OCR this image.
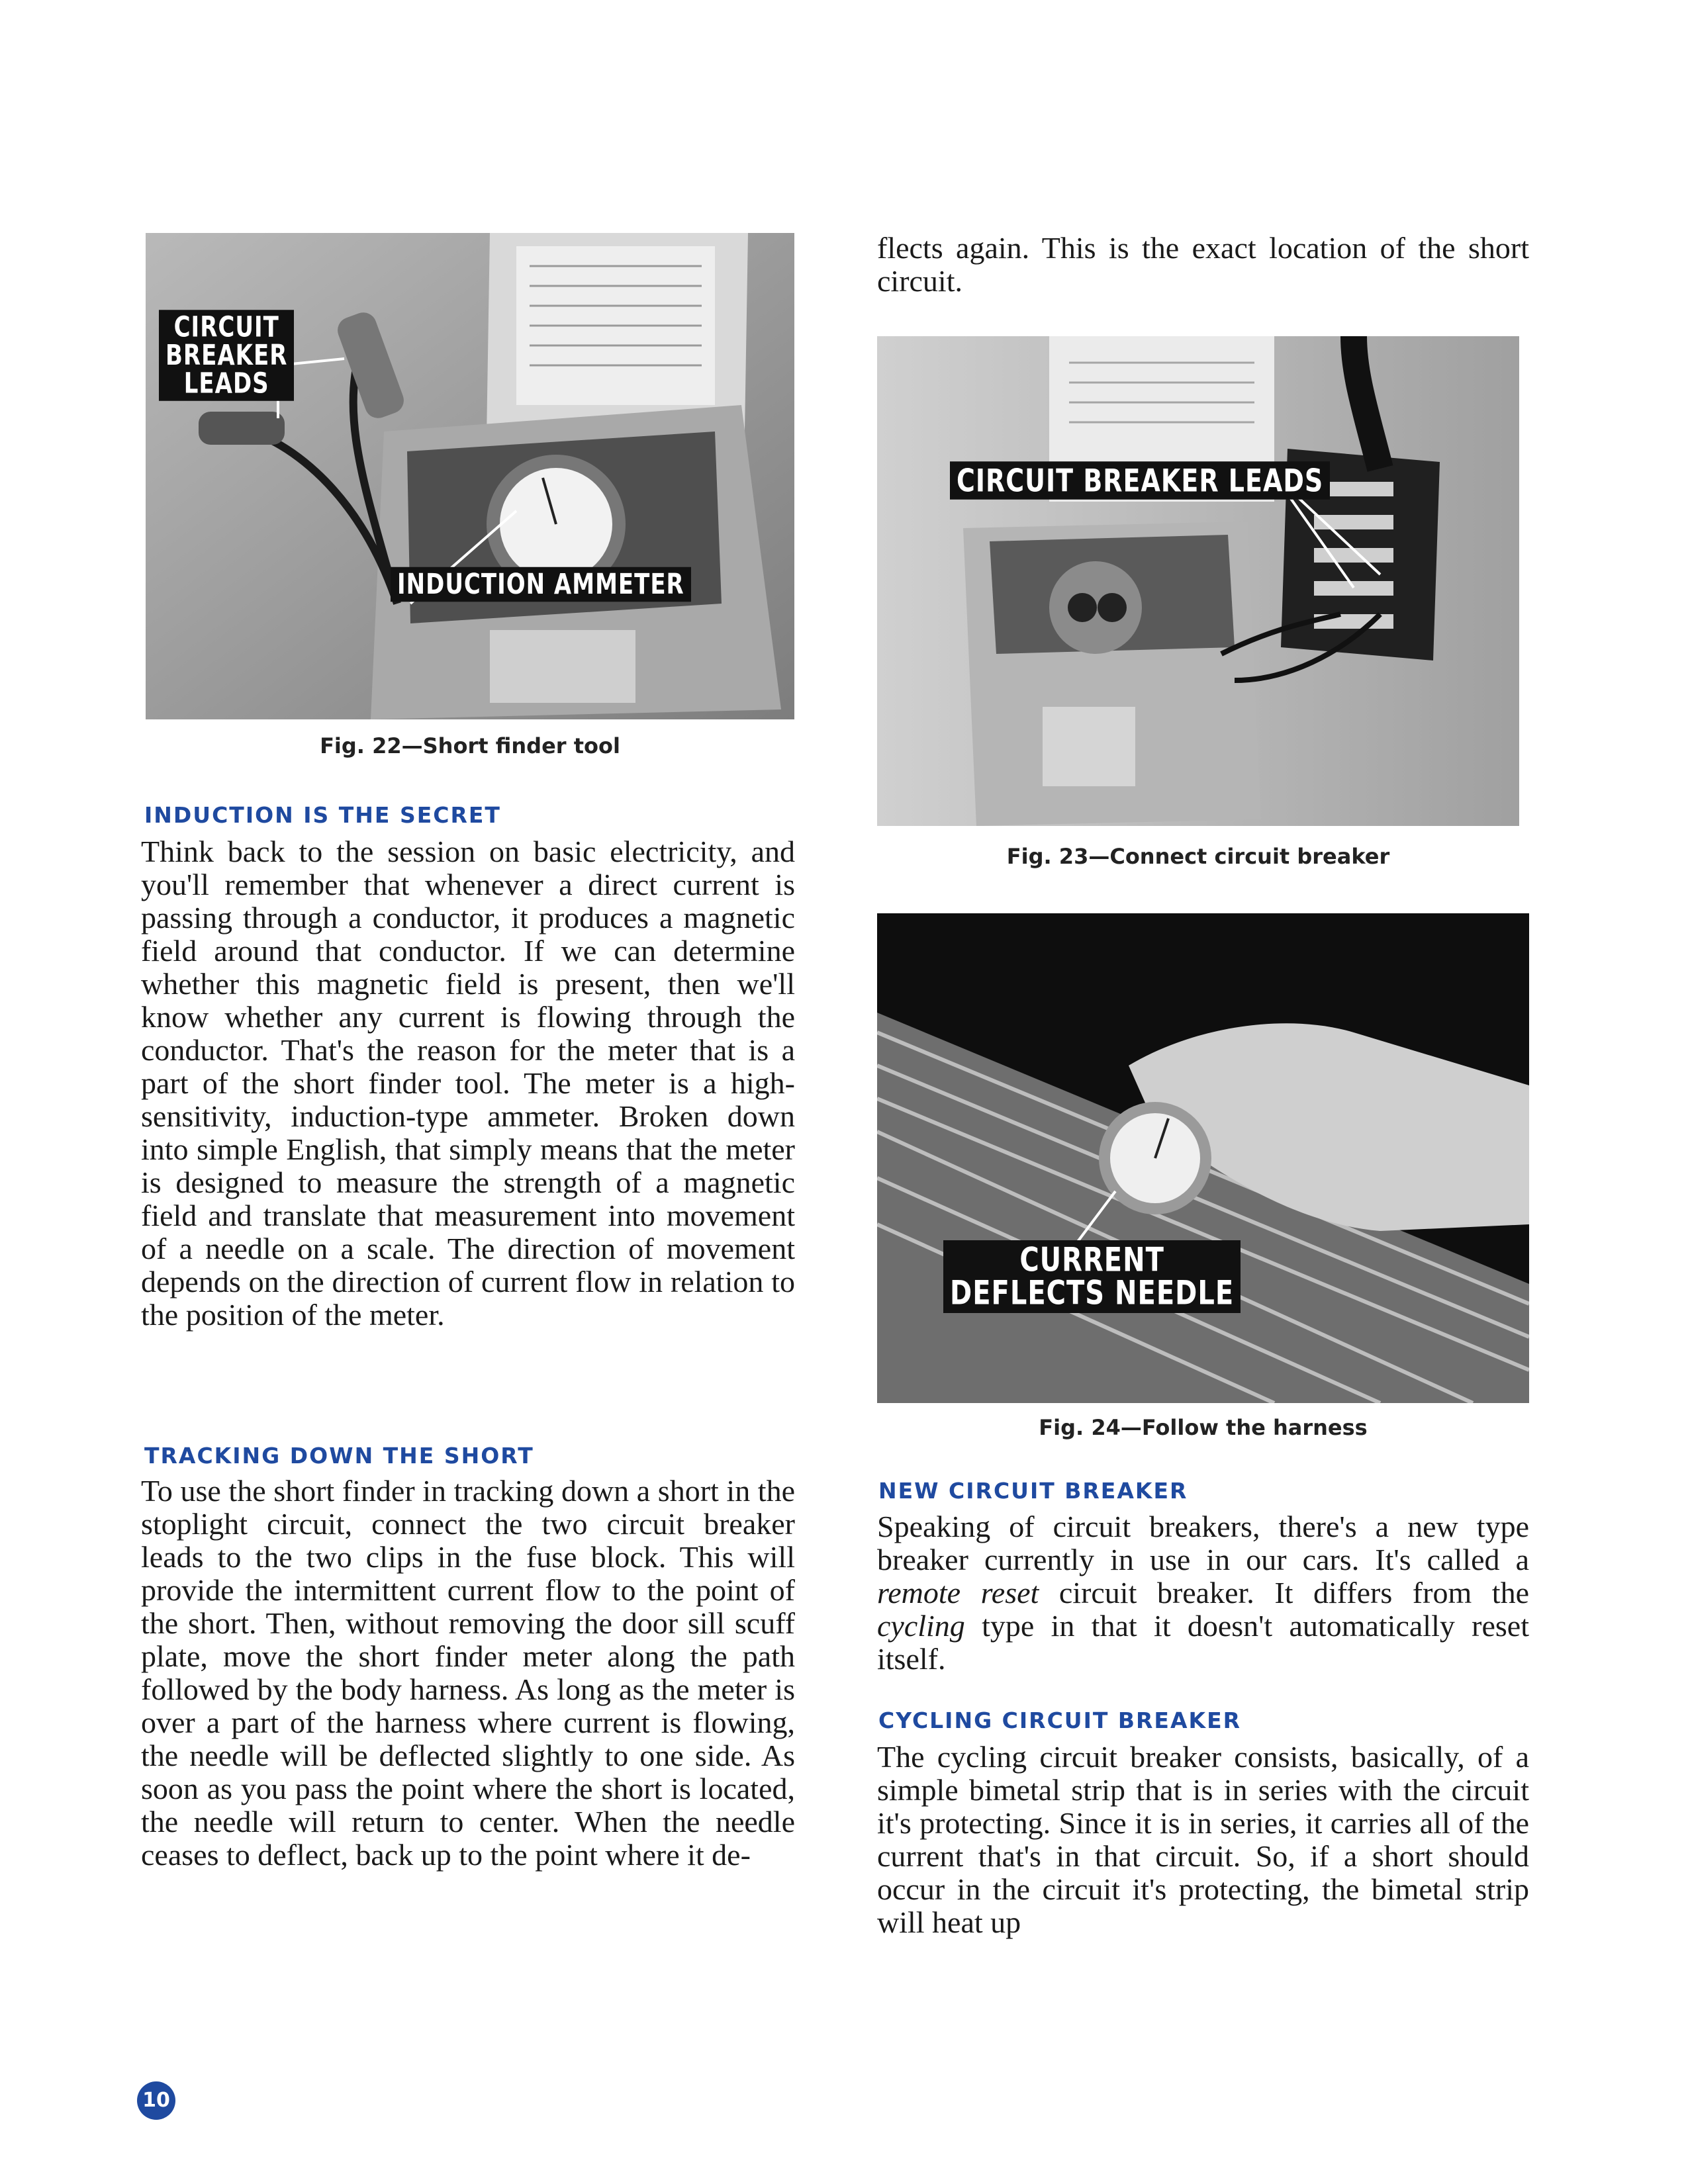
CIRCUIT
BREAKER
LEADS
INDUCTION AMMETER

Fig. 22—Short finder tool

CIRCUIT BREAKER LEADS

Fig. 23—Connect circuit breaker

CURRENT
DEFLECTS NEEDLE

Fig. 24—Follow the harness

INDUCTION IS THE SECRET

Think back to the session on basic electricity, and you'll remember that whenever a direct current is passing through a conductor, it produces a magnetic field around that conductor. If we can determine whether this magnetic field is present, then we'll know whether any current is flowing through the conductor. That's the reason for the meter that is a part of the short finder tool. The meter is a high-sensitivity, induction-type ammeter. Broken down into simple English, that simply means that the meter is designed to measure the strength of a magnetic field and translate that measurement into movement of a needle on a scale. The direction of movement depends on the direction of current flow in relation to the position of the meter.

TRACKING DOWN THE SHORT

To use the short finder in tracking down a short in the stoplight circuit, connect the two circuit breaker leads to the two clips in the fuse block. This will provide the intermittent current flow to the point of the short. Then, without removing the door sill scuff plate, move the short finder meter along the path followed by the body harness. As long as the meter is over a part of the harness where current is flowing, the needle will be deflected slightly to one side. As soon as you pass the point where the short is located, the needle will return to center. When the needle ceases to deflect, back up to the point where it de-

flects again. This is the exact location of the short circuit.

NEW CIRCUIT BREAKER

Speaking of circuit breakers, there's a new type breaker currently in use in our cars. It's called a remote reset circuit breaker. It differs from the cycling type in that it doesn't automatically reset itself.

CYCLING CIRCUIT BREAKER

The cycling circuit breaker consists, basically, of a simple bimetal strip that is in series with the circuit it's protecting. Since it is in series, it carries all of the current that's in that circuit. So, if a short should occur in the circuit it's protecting, the bimetal strip will heat up

10
